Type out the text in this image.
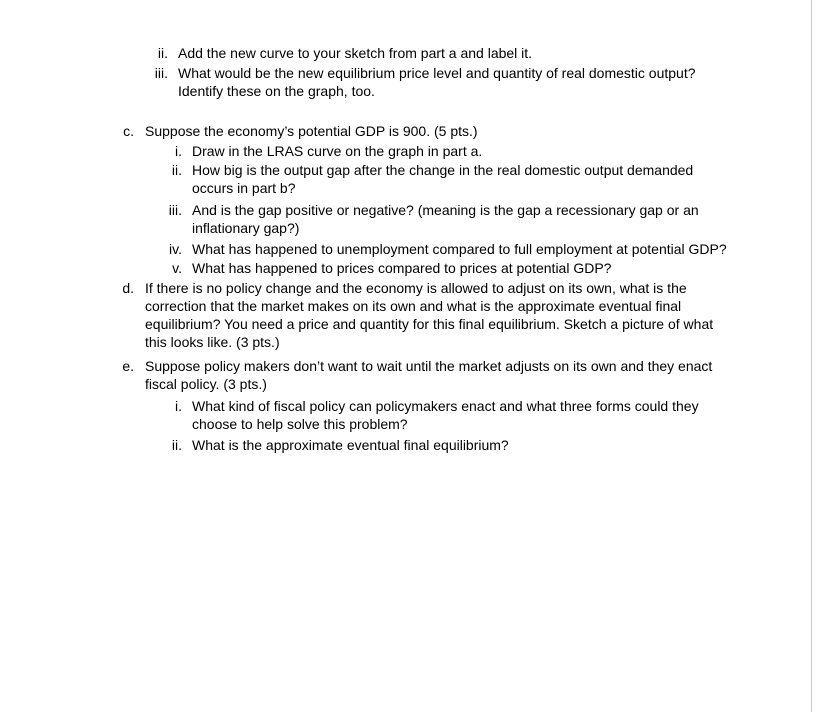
ii. Add the new curve to your sketch from part a and label it.
iii. What would be the new equilibrium price level and quantity of real domestic output?
Identify these on the graph, too.
c. Suppose the economy’s potential GDP is 900. (5 pts.)
i. Draw in the LRAS curve on the graph in part a.
ii. How big is the output gap after the change in the real domestic output demanded
occurs in part b?
iii. And is the gap positive or negative? (meaning is the gap a recessionary gap or an
inflationary gap?)
iv. What has happened to unemployment compared to full employment at potential GDP?
v. What has happened to prices compared to prices at potential GDP?
d. If there is no policy change and the economy is allowed to adjust on its own, what is the
correction that the market makes on its own and what is the approximate eventual final
equilibrium? You need a price and quantity for this final equilibrium. Sketch a picture of what
this looks like. (3 pts.)
e. Suppose policy makers don’t want to wait until the market adjusts on its own and they enact
fiscal policy. (3 pts.)
i. What kind of fiscal policy can policymakers enact and what three forms could they
choose to help solve this problem?
ii. What is the approximate eventual final equilibrium?
